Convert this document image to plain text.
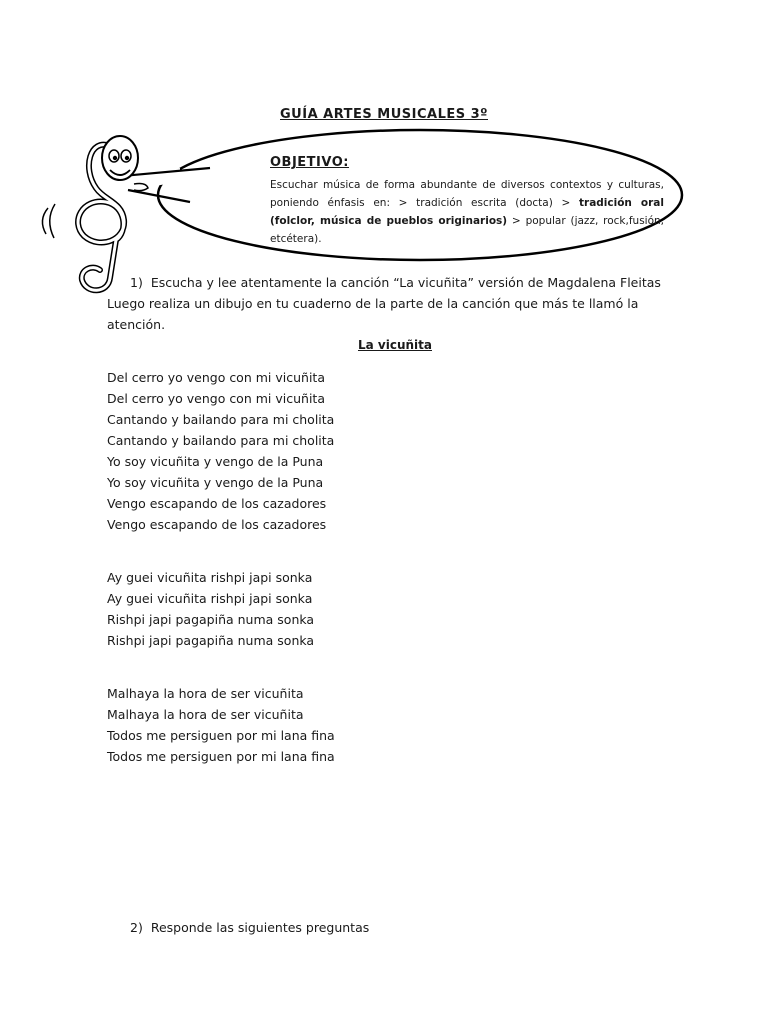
GUÍA ARTES MUSICALES 3º
OBJETIVO:
Escuchar música de forma abundante de diversos contextos y culturas, poniendo énfasis en: > tradición escrita (docta) > tradición oral (folclor, música de pueblos originarios) > popular (jazz, rock,fusión, etcétera).
1) Escucha y lee atentamente la canción “La vicuñita” versión de Magdalena Fleitas Luego realiza un dibujo en tu cuaderno de la parte de la canción que más te llamó la atención.
La vicuñita
Del cerro yo vengo con mi vicuñita
Del cerro yo vengo con mi vicuñita
Cantando y bailando para mi cholita
Cantando y bailando para mi cholita
Yo soy vicuñita y vengo de la Puna
Yo soy vicuñita y vengo de la Puna
Vengo escapando de los cazadores
Vengo escapando de los cazadores
Ay guei vicuñita rishpi japi sonka
Ay guei vicuñita rishpi japi sonka
Rishpi japi pagapiña numa sonka
Rishpi japi pagapiña numa sonka
Malhaya la hora de ser vicuñita
Malhaya la hora de ser vicuñita
Todos me persiguen por mi lana fina
Todos me persiguen por mi lana fina
2) Responde las siguientes preguntas
